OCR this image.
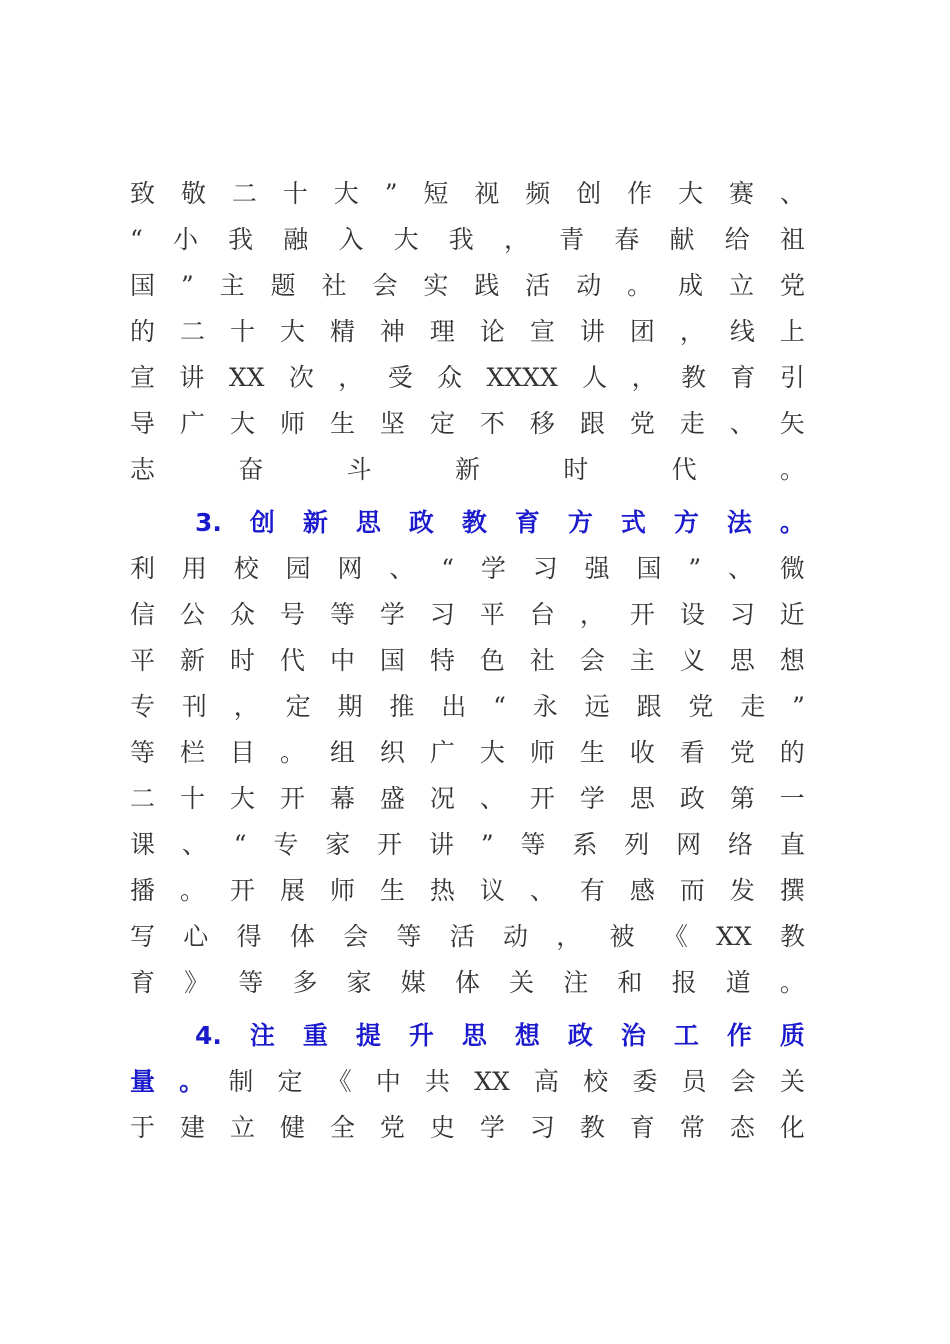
致 敬 二 十 大 ” 短 视 频 创 作 大 赛 、
“ 小 我 融 入 大 我 ， 青 春 献 给 祖
国 ” 主 题 社 会 实 践 活 动 。 成 立 党
的 二 十 大 精 神 理 论 宣 讲 团 ， 线 上
宣 讲 XX 次 ， 受 众 XXXX 人 ， 教 育 引
导 广 大 师 生 坚 定 不 移 跟 党 走 、 矢
志	奋	斗	新	时	代	。
3. 创 新 思 政 教 育 方 式 方 法 。
利 用 校 园 网 、 “ 学 习 强 国 ” 、 微
信 公 众 号 等 学 习 平 台 ， 开 设 习 近
平 新 时 代 中 国 特 色 社 会 主 义 思 想
专 刊 ， 定 期 推 出 “ 永 远 跟 党 走 ”
等 栏 目 。 组 织 广 大 师 生 收 看 党 的
二 十 大 开 幕 盛 况 、 开 学 思 政 第 一
课 、 “ 专 家 开 讲 ” 等 系 列 网 络 直
播 。 开 展 师 生 热 议 、 有 感 而 发 撰
写 心 得 体 会 等 活 动 ， 被 《 XX 教
育 》 等 多 家 媒 体 关 注 和 报 道 。
4. 注 重 提 升 思 想 政 治 工 作 质
量 。 制 定 《 中 共 XX 高 校 委 员 会 关
于 建 立 健 全 党 史 学 习 教 育 常 态 化
